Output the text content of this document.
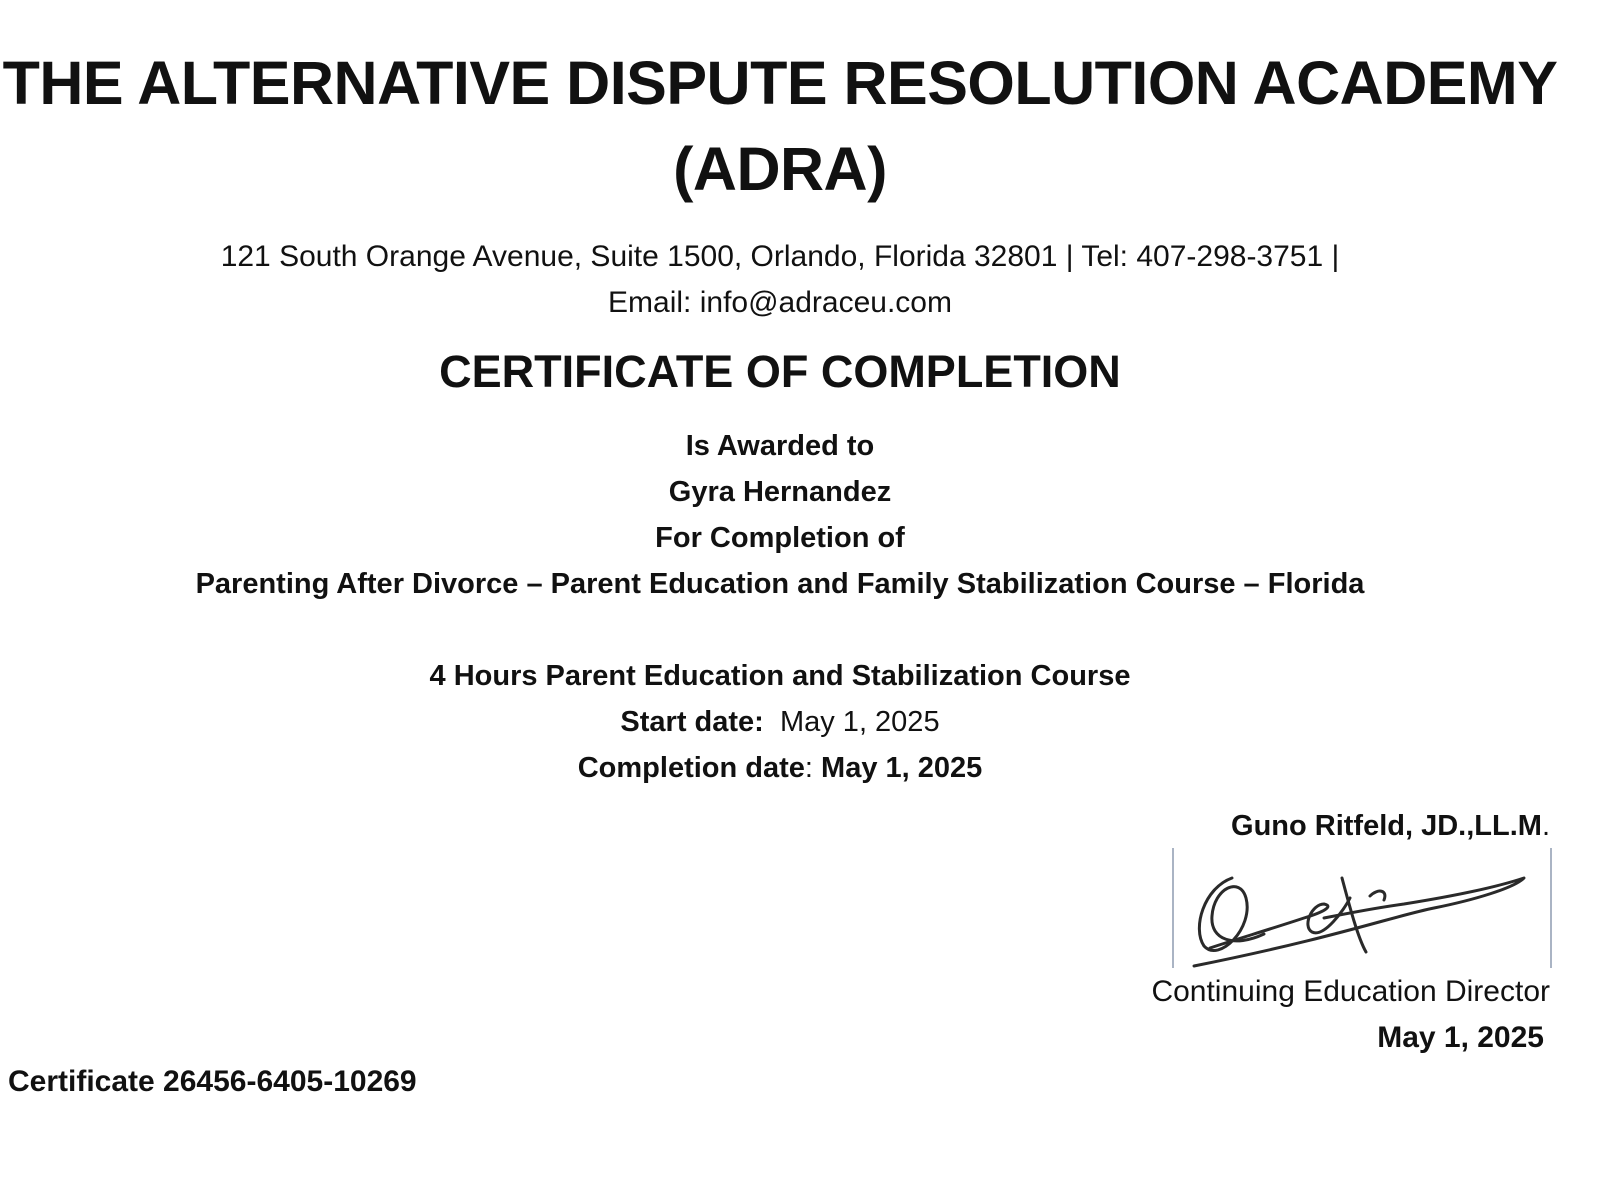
THE ALTERNATIVE DISPUTE RESOLUTION ACADEMY
(ADRA)
121 South Orange Avenue, Suite 1500, Orlando, Florida 32801 | Tel: 407-298-3751 |
Email: info@adraceu.com
CERTIFICATE OF COMPLETION
Is Awarded to
Gyra Hernandez
For Completion of
Parenting After Divorce – Parent Education and Family Stabilization Course – Florida
4 Hours Parent Education and Stabilization Course
Start date: May 1, 2025
Completion date: May 1, 2025
Guno Ritfeld, JD.,LL.M.
Continuing Education Director
May 1, 2025
Certificate 26456-6405-10269
